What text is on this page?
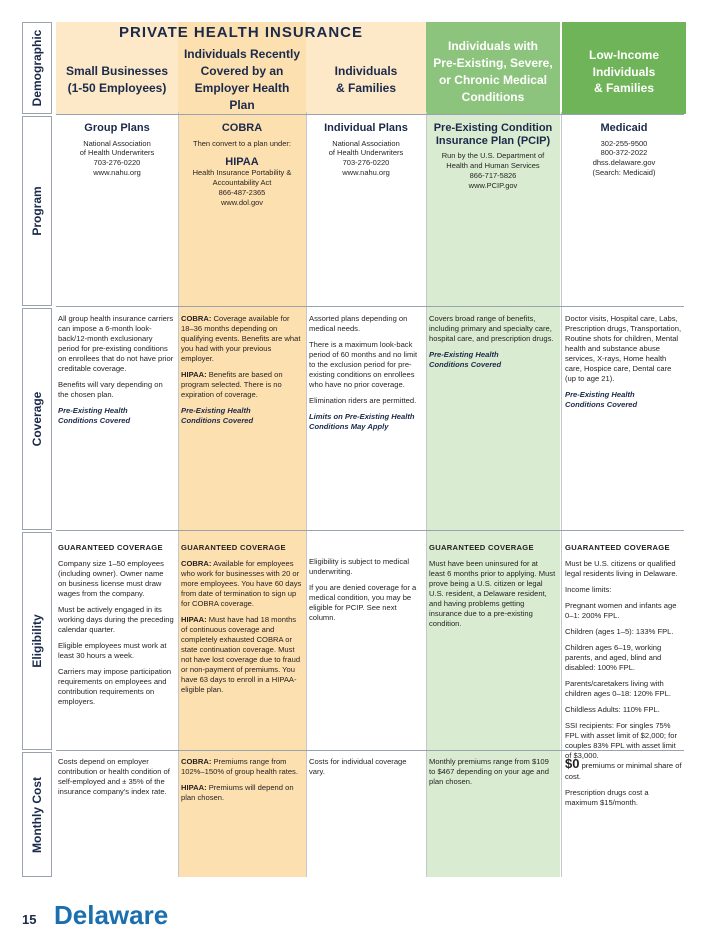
Demographic
Program
Coverage
Eligibility
Monthly Cost
PRIVATE HEALTH INSURANCE
Small Businesses
(1-50 Employees)
Individuals Recently
Covered by an
Employer Health
Plan
Individuals
& Families
Individuals with
Pre-Existing, Severe,
or Chronic Medical
Conditions
Low-Income
Individuals
& Families
Group Plans
National Association
of Health Underwriters
703-276-0220
www.nahu.org
COBRA
Then convert to a plan under:
HIPAA
Health Insurance Portability &
Accountability Act
866-487-2365
www.dol.gov
Individual Plans
National Association
of Health Underwriters
703-276-0220
www.nahu.org
Pre-Existing Condition
Insurance Plan (PCIP)
Run by the U.S. Department of
Health and Human Services
866-717-5826
www.PCIP.gov
Medicaid
302-255-9500
800-372-2022
dhss.delaware.gov
(Search: Medicaid)

All group health insurance carriers can impose a 6-month look-back/12-month exclusionary period for pre-existing conditions on enrollees that do not have prior creditable coverage.

Benefits will vary depending on the chosen plan.

Pre-Existing Health
Conditions Covered

COBRA: Coverage available for 18–36 months depending on qualifying events. Benefits are what you had with your previous employer.

HIPAA: Benefits are based on program selected. There is no expiration of coverage.

Pre-Existing Health
Conditions Covered

Assorted plans depending on medical needs.

There is a maximum look-back period of 60 months and no limit to the exclusion period for pre-existing conditions on enrollees who have no prior coverage.

Elimination riders are permitted.

Limits on Pre-Existing Health
Conditions May Apply

Covers broad range of benefits, including primary and specialty care, hospital care, and prescription drugs.

Pre-Existing Health
Conditions Covered

Doctor visits, Hospital care, Labs, Prescription drugs, Transportation, Routine shots for children, Mental health and substance abuse services, X-rays, Home health care, Hospice care, Dental care (up to age 21).

Pre-Existing Health
Conditions Covered

GUARANTEED COVERAGE

Company size 1–50 employees (including owner). Owner name on business license must draw wages from the company.

Must be actively engaged in its working days during the preceding calendar quarter.

Eligible employees must work at least 30 hours a week.

Carriers may impose participation requirements on employees and contribution requirements on employers.

GUARANTEED COVERAGE

COBRA: Available for employees who work for businesses with 20 or more employees. You have 60 days from date of termination to sign up for COBRA coverage.

HIPAA: Must have had 18 months of continuous coverage and completely exhausted COBRA or state continuation coverage. Must not have lost coverage due to fraud or non-payment of premiums. You have 63 days to enroll in a HIPAA-eligible plan.

Eligibility is subject to medical underwriting.

If you are denied coverage for a medical condition, you may be eligible for PCIP. See next column.

GUARANTEED COVERAGE

Must have been uninsured for at least 6 months prior to applying. Must prove being a U.S. citizen or legal U.S. resident, a Delaware resident, and having problems getting insurance due to a pre-existing condition.

GUARANTEED COVERAGE

Must be U.S. citizens or qualified legal residents living in Delaware.

Income limits:

Pregnant women and infants age 0–1: 200% FPL.

Children (ages 1–5): 133% FPL.

Children ages 6–19, working parents, and aged, blind and disabled: 100% FPL.

Parents/caretakers living with children ages 0–18: 120% FPL.

Childless Adults: 110% FPL.

SSI recipients: For singles 75% FPL with asset limit of $2,000; for couples 83% FPL with asset limit of $3,000.

Costs depend on employer contribution or health condition of self-employed and ± 35% of the insurance company's index rate.

COBRA: Premiums range from 102%–150% of group health rates.

HIPAA: Premiums will depend on plan chosen.

Costs for individual coverage vary.

Monthly premiums range from $109 to $467 depending on your age and plan chosen.

$0 premiums or minimal share of cost.

Prescription drugs cost a maximum $15/month.

15 Delaware
